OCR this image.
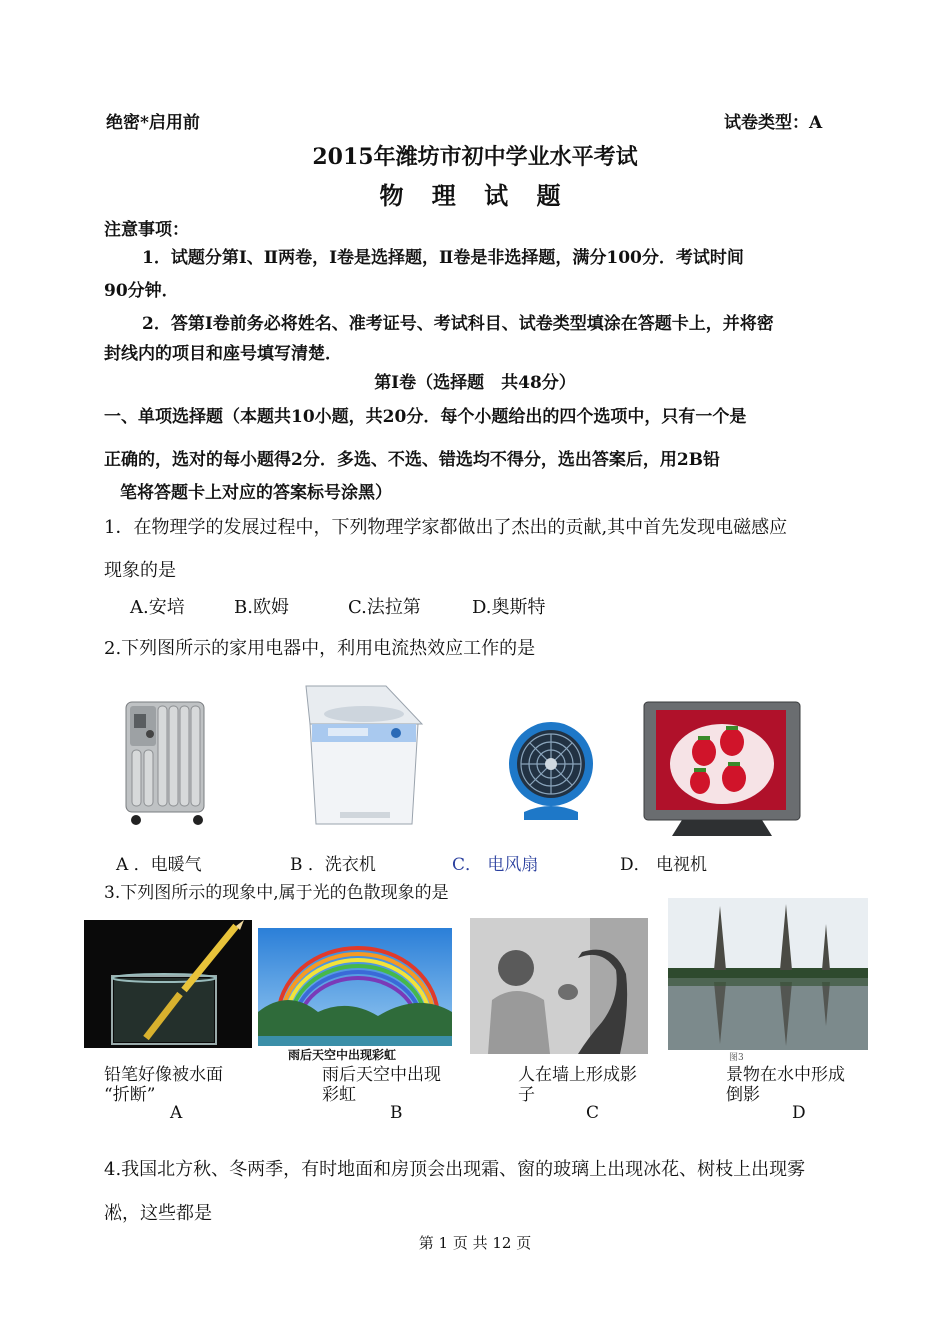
绝密*启用前	试卷类型：A
2015年潍坊市初中学业水平考试
物 理 试 题
注意事项：
1．试题分第Ⅰ、Ⅱ两卷，I卷是选择题，Ⅱ卷是非选择题，满分100分．考试时间
90分钟．
2．答第Ⅰ卷前务必将姓名、准考证号、考试科目、试卷类型填涂在答题卡上，并将密
封线内的项目和座号填写清楚．
第Ⅰ卷（选择题　共48分）
一、单项选择题（本题共10小题，共20分．每个小题给出的四个选项中，只有一个是
正确的，选对的每小题得2分．多选、不选、错选均不得分，选出答案后，用2B铅
笔将答题卡上对应的答案标号涂黑）
1．在物理学的发展过程中，下列物理学家都做出了杰出的贡献,其中首先发现电磁感应
现象的是
A.安培	B.欧姆	C.法拉第	D.奥斯特
2.下列图所示的家用电器中，利用电流热效应工作的是
A ．电暖气	B ．洗衣机	C． 电风扇	D． 电视机
3.下列图所示的现象中,属于光的色散现象的是
铅笔好像被水面
“折断”
雨后天空中出现
彩虹
人在墙上形成影
子
景物在水中形成
倒影
图3
雨后天空中出现彩虹
A	B	C	D
4.我国北方秋、冬两季，有时地面和房顶会出现霜、窗的玻璃上出现冰花、树枝上出现雾
凇，这些都是
第 1 页 共 12 页
